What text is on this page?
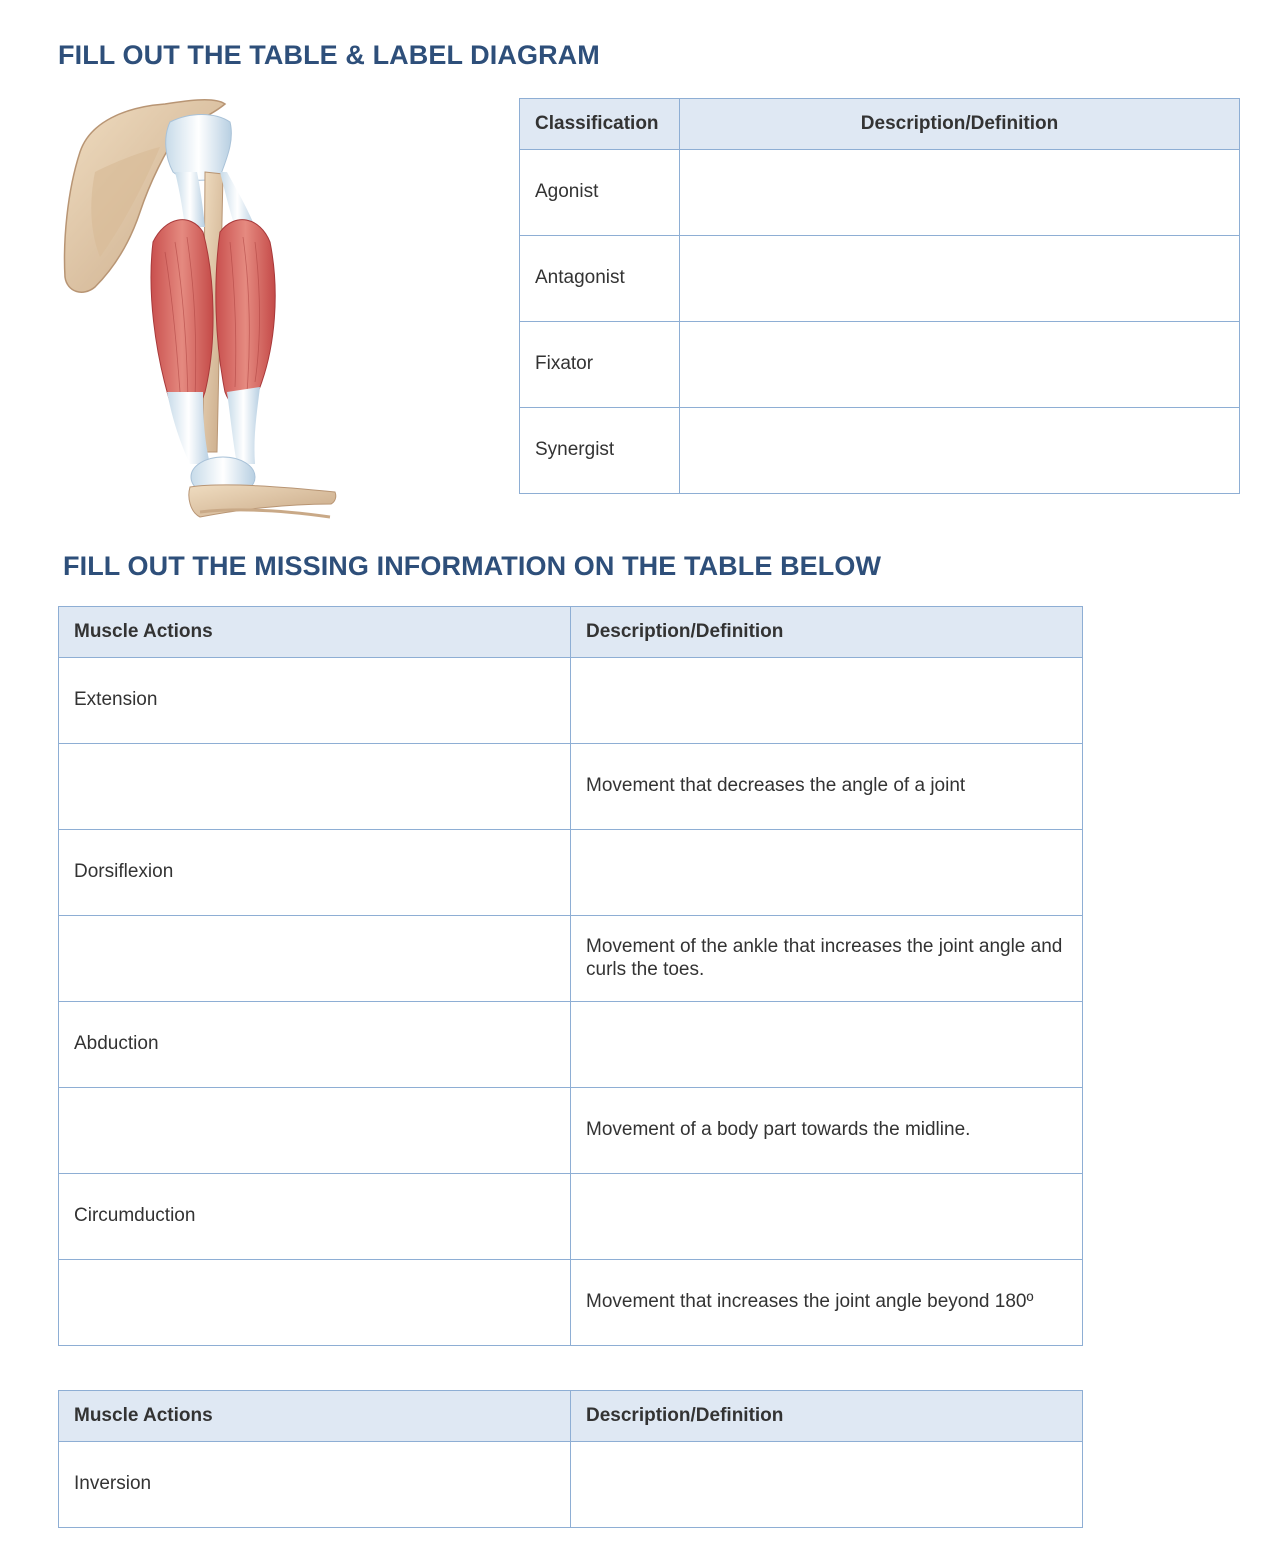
FILL OUT THE TABLE & LABEL DIAGRAM
Classification	Description/Definition
Agonist	
Antagonist	
Fixator	
Synergist	
FILL OUT THE MISSING INFORMATION ON THE TABLE BELOW
Muscle Actions	Description/Definition
Extension	
	Movement that decreases the angle of a joint
Dorsiflexion	
	Movement of the ankle that increases the joint angle and curls the toes.
Abduction	
	Movement of a body part towards the midline.
Circumduction	
	Movement that increases the joint angle beyond 180º
Muscle Actions	Description/Definition
Inversion	
